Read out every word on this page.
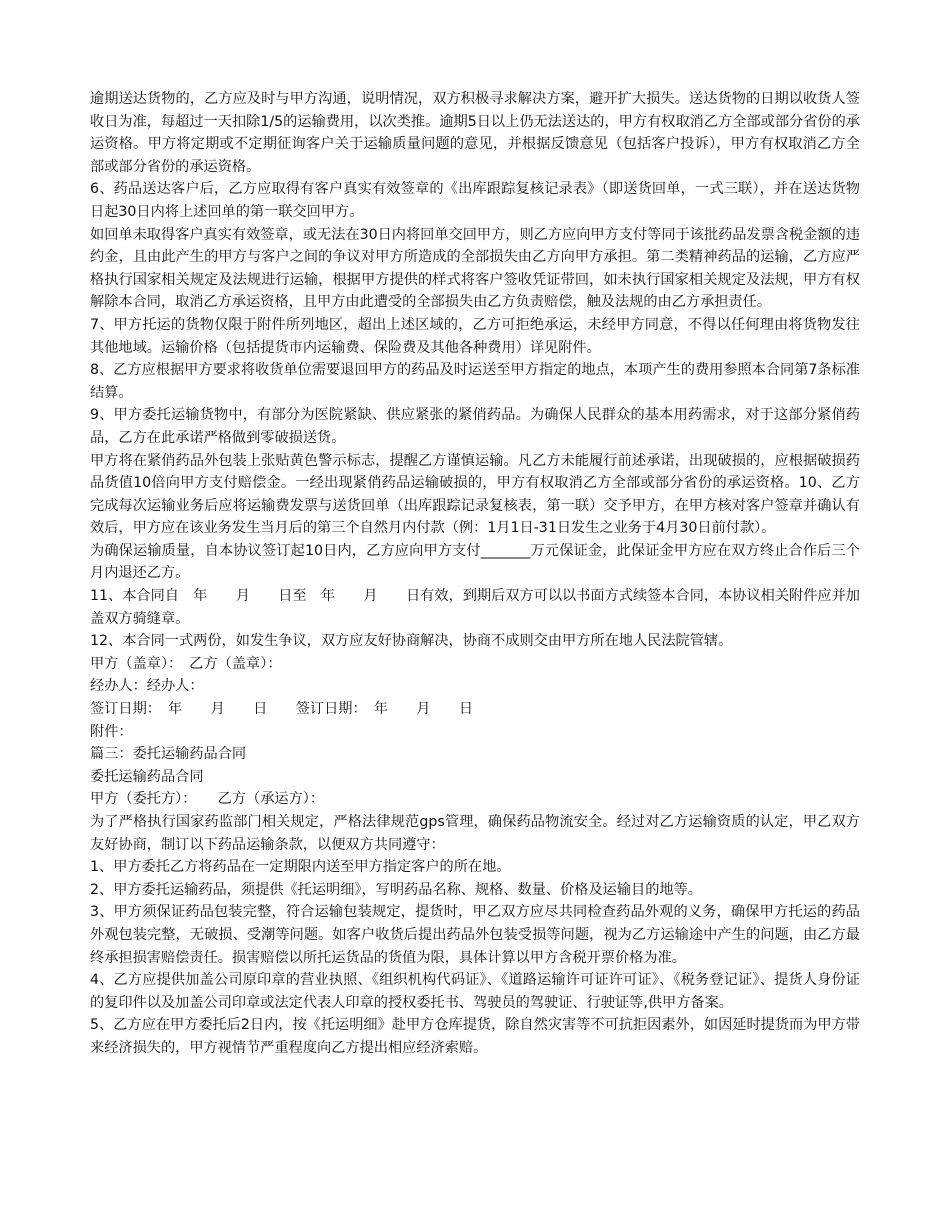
逾期送达货物的，乙方应及时与甲方沟通，说明情况，双方积极寻求解决方案，避开扩大损失。送达货物的日期以收货人签收日为准，每超过一天扣除1/5的运输费用，以次类推。逾期5日以上仍无法送达的，甲方有权取消乙方全部或部分省份的承运资格。甲方将定期或不定期征询客户关于运输质量问题的意见，并根据反馈意见（包括客户投诉），甲方有权取消乙方全部或部分省份的承运资格。

6、药品送达客户后，乙方应取得有客户真实有效签章的《出库跟踪复核记录表》（即送货回单，一式三联），并在送达货物日起30日内将上述回单的第一联交回甲方。

如回单未取得客户真实有效签章，或无法在30日内将回单交回甲方，则乙方应向甲方支付等同于该批药品发票含税金额的违约金，且由此产生的甲方与客户之间的争议对甲方所造成的全部损失由乙方向甲方承担。第二类精神药品的运输，乙方应严格执行国家相关规定及法规进行运输，根据甲方提供的样式将客户签收凭证带回，如未执行国家相关规定及法规，甲方有权解除本合同，取消乙方承运资格，且甲方由此遭受的全部损失由乙方负责赔偿，触及法规的由乙方承担责任。

7、甲方托运的货物仅限于附件所列地区，超出上述区域的，乙方可拒绝承运，未经甲方同意，不得以任何理由将货物发往其他地域。运输价格（包括提货市内运输费、保险费及其他各种费用）详见附件。

8、乙方应根据甲方要求将收货单位需要退回甲方的药品及时运送至甲方指定的地点，本项产生的费用参照本合同第7条标准结算。

9、甲方委托运输货物中，有部分为医院紧缺、供应紧张的紧俏药品。为确保人民群众的基本用药需求，对于这部分紧俏药品，乙方在此承诺严格做到零破损送货。

甲方将在紧俏药品外包装上张贴黄色警示标志，提醒乙方谨慎运输。凡乙方未能履行前述承诺，出现破损的，应根据破损药品货值10倍向甲方支付赔偿金。一经出现紧俏药品运输破损的，甲方有权取消乙方全部或部分省份的承运资格。10、乙方完成每次运输业务后应将运输费发票与送货回单（出库跟踪记录复核表，第一联）交予甲方，在甲方核对客户签章并确认有效后，甲方应在该业务发生当月后的第三个自然月内付款（例：1月1日-31日发生之业务于4月30日前付款）。

为确保运输质量，自本协议签订起10日内，乙方应向甲方支付_______万元保证金，此保证金甲方应在双方终止合作后三个月内退还乙方。

11、本合同自　年　　月　　日至　年　　月　　日有效，到期后双方可以以书面方式续签本合同，本协议相关附件应并加盖双方骑缝章。

12、本合同一式两份，如发生争议，双方应友好协商解决，协商不成则交由甲方所在地人民法院管辖。

甲方（盖章）：　乙方（盖章）：

经办人：经办人：

签订日期：　年　　月　　日　　签订日期：　年　　月　　日

附件：

篇三：委托运输药品合同

委托运输药品合同

甲方（委托方）：　　乙方（承运方）：

为了严格执行国家药监部门相关规定，严格法律规范gps管理，确保药品物流安全。经过对乙方运输资质的认定，甲乙双方友好协商，制订以下药品运输条款，以便双方共同遵守：

1、甲方委托乙方将药品在一定期限内送至甲方指定客户的所在地。

2、甲方委托运输药品，须提供《托运明细》，写明药品名称、规格、数量、价格及运输目的地等。

3、甲方须保证药品包装完整，符合运输包装规定，提货时，甲乙双方应尽共同检查药品外观的义务，确保甲方托运的药品外观包装完整，无破损、受潮等问题。如客户收货后提出药品外包装受损等问题，视为乙方运输途中产生的问题，由乙方最终承担损害赔偿责任。损害赔偿以所托运货品的货值为限，具体计算以甲方含税开票价格为准。

4、乙方应提供加盖公司原印章的营业执照、《组织机构代码证》、《道路运输许可证许可证》、《税务登记证》、提货人身份证的复印件以及加盖公司印章或法定代表人印章的授权委托书、驾驶员的驾驶证、行驶证等,供甲方备案。

5、乙方应在甲方委托后2日内，按《托运明细》赴甲方仓库提货，除自然灾害等不可抗拒因素外，如因延时提货而为甲方带来经济损失的，甲方视情节严重程度向乙方提出相应经济索赔。
